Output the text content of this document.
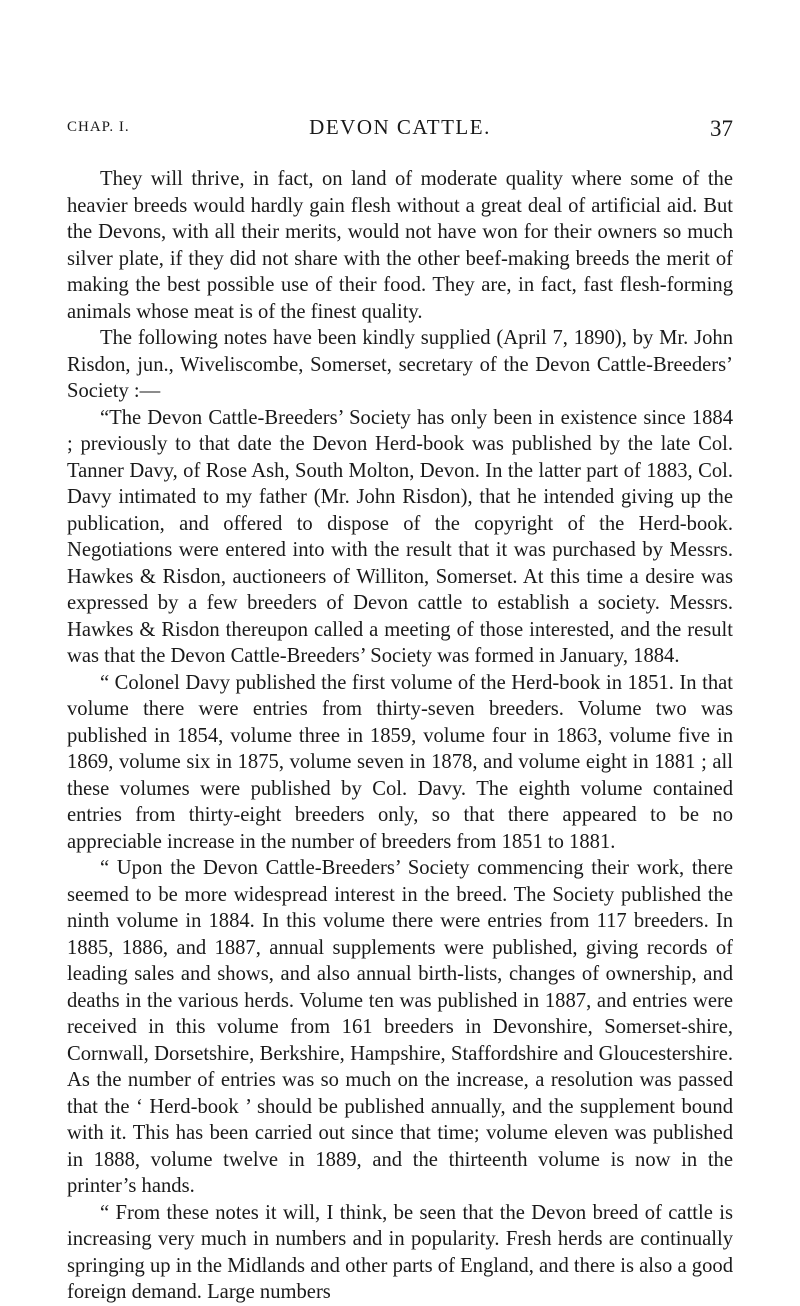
CHAP. I.	DEVON CATTLE.	37

They will thrive, in fact, on land of moderate quality where some of the heavier breeds would hardly gain flesh without a great deal of artificial aid. But the Devons, with all their merits, would not have won for their owners so much silver plate, if they did not share with the other beef-making breeds the merit of making the best possible use of their food. They are, in fact, fast flesh-forming animals whose meat is of the finest quality.

The following notes have been kindly supplied (April 7, 1890), by Mr. John Risdon, jun., Wiveliscombe, Somerset, secretary of the Devon Cattle-Breeders’ Society :—

“The Devon Cattle-Breeders’ Society has only been in existence since 1884 ; previously to that date the Devon Herd-book was published by the late Col. Tanner Davy, of Rose Ash, South Molton, Devon. In the latter part of 1883, Col. Davy intimated to my father (Mr. John Risdon), that he intended giving up the publication, and offered to dispose of the copyright of the Herd-book. Negotiations were entered into with the result that it was purchased by Messrs. Hawkes & Risdon, auctioneers of Williton, Somerset. At this time a desire was expressed by a few breeders of Devon cattle to establish a society. Messrs. Hawkes & Risdon thereupon called a meeting of those interested, and the result was that the Devon Cattle-Breeders’ Society was formed in January, 1884.

“ Colonel Davy published the first volume of the Herd-book in 1851. In that volume there were entries from thirty-seven breeders. Volume two was published in 1854, volume three in 1859, volume four in 1863, volume five in 1869, volume six in 1875, volume seven in 1878, and volume eight in 1881 ; all these volumes were published by Col. Davy. The eighth volume contained entries from thirty-eight breeders only, so that there appeared to be no appreciable increase in the number of breeders from 1851 to 1881.

“ Upon the Devon Cattle-Breeders’ Society commencing their work, there seemed to be more widespread interest in the breed. The Society published the ninth volume in 1884. In this volume there were entries from 117 breeders. In 1885, 1886, and 1887, annual supplements were published, giving records of leading sales and shows, and also annual birth-lists, changes of ownership, and deaths in the various herds. Volume ten was published in 1887, and entries were received in this volume from 161 breeders in Devonshire, Somerset-shire, Cornwall, Dorsetshire, Berkshire, Hampshire, Staffordshire and Gloucestershire. As the number of entries was so much on the increase, a resolution was passed that the ‘ Herd-book ’ should be published annually, and the supplement bound with it. This has been carried out since that time; volume eleven was published in 1888, volume twelve in 1889, and the thirteenth volume is now in the printer’s hands.

“ From these notes it will, I think, be seen that the Devon breed of cattle is increasing very much in numbers and in popularity. Fresh herds are continually springing up in the Midlands and other parts of England, and there is also a good foreign demand. Large numbers
